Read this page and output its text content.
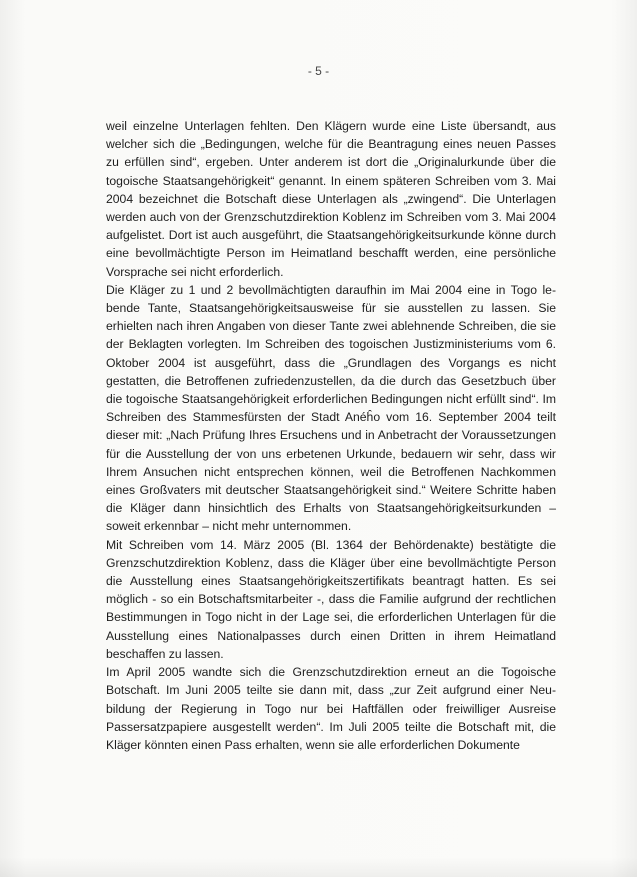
- 5 -

weil einzelne Unterlagen fehlten. Den Klägern wurde eine Liste übersandt, aus welcher sich die „Bedingungen, welche für die Beantragung eines neuen Passes zu erfüllen sind“, ergeben. Unter anderem ist dort die „Originalurkunde über die togoische Staatsangehörigkeit“ genannt. In einem späteren Schreiben vom 3. Mai 2004 bezeichnet die Botschaft diese Unterlagen als „zwingend“. Die Unterlagen werden auch von der Grenzschutzdirektion Koblenz im Schreiben vom 3. Mai 2004 aufgelistet. Dort ist auch ausgeführt, die Staatsangehörigkeitsurkunde könne durch eine bevollmächtigte Person im Heimatland beschafft werden, eine persönliche Vorsprache sei nicht erforderlich.

Die Kläger zu 1 und 2 bevollmächtigten daraufhin im Mai 2004 eine in Togo lebende Tante, Staatsangehörigkeitsausweise für sie ausstellen zu lassen. Sie erhielten nach ihren Angaben von dieser Tante zwei ablehnende Schreiben, die sie der Beklagten vorlegten. Im Schreiben des togoischen Justizministeriums vom 6. Oktober 2004 ist ausgeführt, dass die „Grundlagen des Vorgangs es nicht gestatten, die Betroffenen zufriedenzustellen, da die durch das Gesetzbuch über die togoische Staatsangehörigkeit erforderlichen Bedingungen nicht erfüllt sind“. Im Schreiben des Stammesfürsten der Stadt Anéĥo vom 16. September 2004 teilt dieser mit: „Nach Prüfung Ihres Ersuchens und in Anbetracht der Voraussetzungen für die Ausstellung der von uns erbetenen Urkunde, bedauern wir sehr, dass wir Ihrem Ansuchen nicht entsprechen können, weil die Betroffenen Nachkommen eines Großvaters mit deutscher Staatsangehörigkeit sind.“ Weitere Schritte haben die Kläger dann hinsichtlich des Erhalts von Staatsangehörigkeitsurkunden – soweit erkennbar – nicht mehr unternommen.

Mit Schreiben vom 14. März 2005 (Bl. 1364 der Behördenakte) bestätigte die Grenzschutzdirektion Koblenz, dass die Kläger über eine bevollmächtigte Person die Ausstellung eines Staatsangehörigkeitszertifikats beantragt hatten. Es sei möglich - so ein Botschaftsmitarbeiter -, dass die Familie aufgrund der rechtlichen Bestimmungen in Togo nicht in der Lage sei, die erforderlichen Unterlagen für die Ausstellung eines Nationalpasses durch einen Dritten in ihrem Heimatland beschaffen zu lassen.

Im April 2005 wandte sich die Grenzschutzdirektion erneut an die Togoische Botschaft. Im Juni 2005 teilte sie dann mit, dass „zur Zeit aufgrund einer Neubildung der Regierung in Togo nur bei Haftfällen oder freiwilliger Ausreise Passersatzpapiere ausgestellt werden“. Im Juli 2005 teilte die Botschaft mit, die Kläger könnten einen Pass erhalten, wenn sie alle erforderlichen Dokumente
